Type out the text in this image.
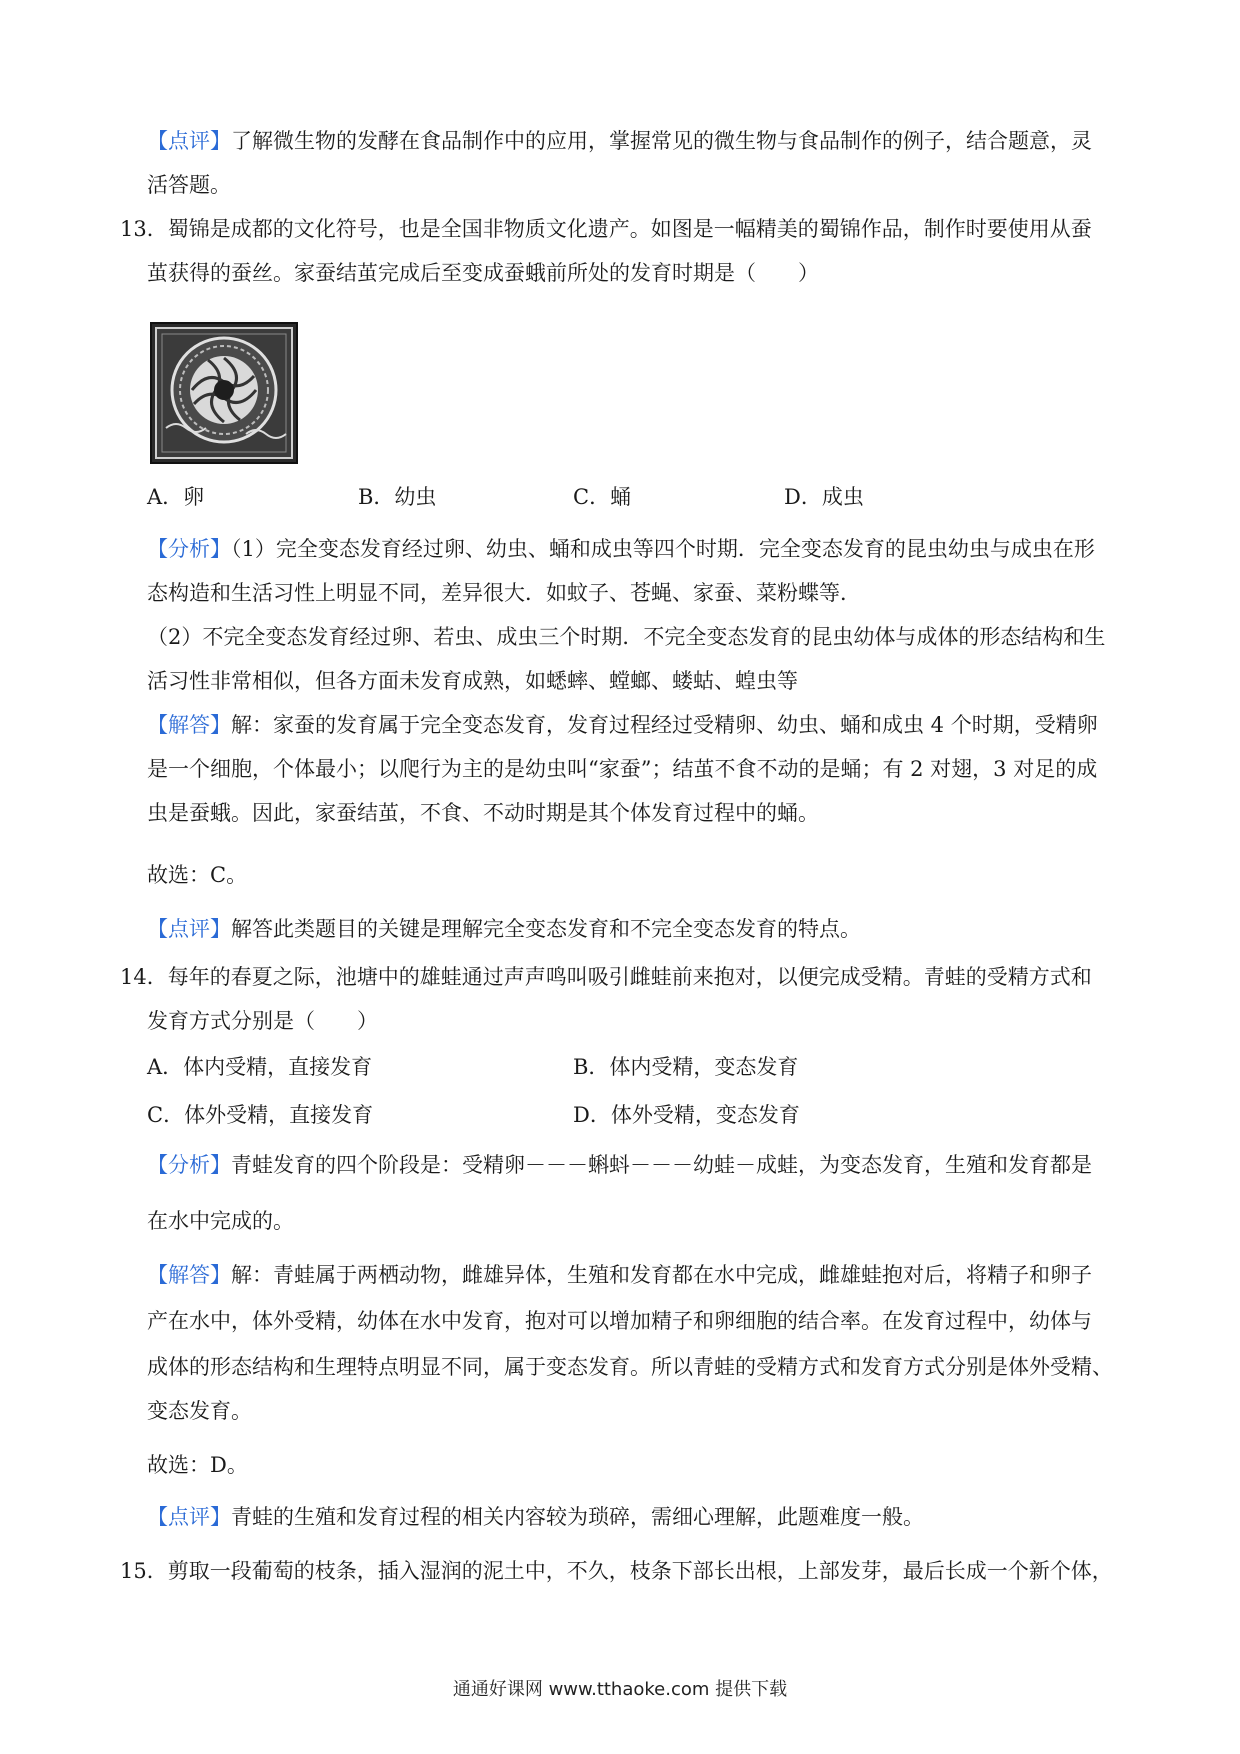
【点评】了解微生物的发酵在食品制作中的应用，掌握常见的微生物与食品制作的例子，结合题意，灵
活答题。
13．蜀锦是成都的文化符号，也是全国非物质文化遗产。如图是一幅精美的蜀锦作品，制作时要使用从蚕
茧获得的蚕丝。家蚕结茧完成后至变成蚕蛾前所处的发育时期是（　　）
A．卵	B．幼虫	C．蛹	D．成虫
【分析】（1）完全变态发育经过卵、幼虫、蛹和成虫等四个时期．完全变态发育的昆虫幼虫与成虫在形
态构造和生活习性上明显不同，差异很大．如蚊子、苍蝇、家蚕、菜粉蝶等．
（2）不完全变态发育经过卵、若虫、成虫三个时期．不完全变态发育的昆虫幼体与成体的形态结构和生
活习性非常相似，但各方面未发育成熟，如蟋蟀、螳螂、蝼蛄、蝗虫等
【解答】解：家蚕的发育属于完全变态发育，发育过程经过受精卵、幼虫、蛹和成虫 4 个时期，受精卵
是一个细胞，个体最小；以爬行为主的是幼虫叫“家蚕”；结茧不食不动的是蛹；有 2 对翅，3 对足的成
虫是蚕蛾。因此，家蚕结茧，不食、不动时期是其个体发育过程中的蛹。
故选：C。
【点评】解答此类题目的关键是理解完全变态发育和不完全变态发育的特点。
14．每年的春夏之际，池塘中的雄蛙通过声声鸣叫吸引雌蛙前来抱对，以便完成受精。青蛙的受精方式和
发育方式分别是（　　）
A．体内受精，直接发育	B．体内受精，变态发育
C．体外受精，直接发育	D．体外受精，变态发育
【分析】青蛙发育的四个阶段是：受精卵－－－蝌蚪－－－幼蛙－成蛙，为变态发育，生殖和发育都是
在水中完成的。
【解答】解：青蛙属于两栖动物，雌雄异体，生殖和发育都在水中完成，雌雄蛙抱对后，将精子和卵子
产在水中，体外受精，幼体在水中发育，抱对可以增加精子和卵细胞的结合率。在发育过程中，幼体与
成体的形态结构和生理特点明显不同，属于变态发育。所以青蛙的受精方式和发育方式分别是体外受精、
变态发育。
故选：D。
【点评】青蛙的生殖和发育过程的相关内容较为琐碎，需细心理解，此题难度一般。
15．剪取一段葡萄的枝条，插入湿润的泥土中，不久，枝条下部长出根，上部发芽，最后长成一个新个体，
通通好课网 www.tthaoke.com 提供下载
